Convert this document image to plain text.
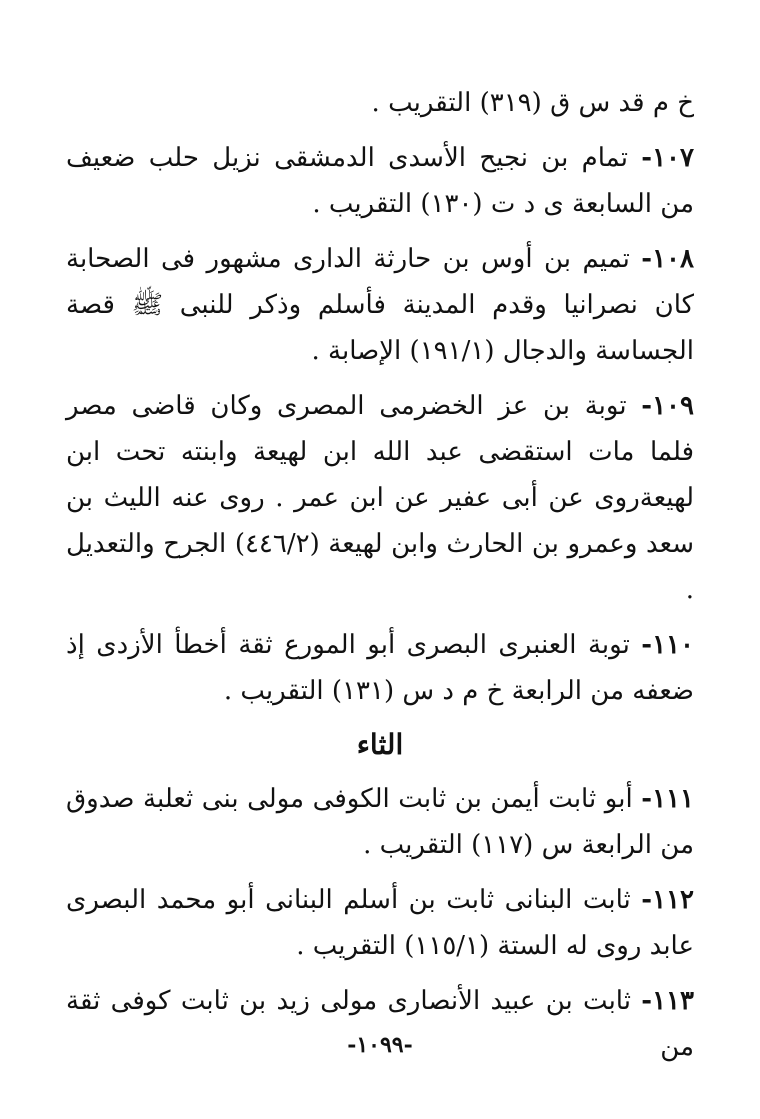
خ م قد س ق (٣١٩) التقريب .

١٠٧- تمام بن نجيح الأسدى الدمشقى نزيل حلب ضعيف من السابعة ى د ت (١٣٠) التقريب .

١٠٨- تميم بن أوس بن حارثة الدارى مشهور فى الصحابة كان نصرانيا وقدم المدينة فأسلم وذكر للنبى ﷺ قصة الجساسة والدجال (١٩١/١) الإصابة .

١٠٩- توبة بن عز الخضرمى المصرى وكان قاضى مصر فلما مات استقضى عبد الله ابن لهيعة وابنته تحت ابن لهيعةروى عن أبى عفير عن ابن عمر . روى عنه الليث بن سعد وعمرو بن الحارث وابن لهيعة (٤٤٦/٢) الجرح والتعديل .

١١٠- توبة العنبرى البصرى أبو المورع ثقة أخطأ الأزدى إذ ضعفه من الرابعة خ م د س (١٣١) التقريب .

الثاء

١١١- أبو ثابت أيمن بن ثابت الكوفى مولى بنى ثعلبة صدوق من الرابعة س (١١٧) التقريب .

١١٢- ثابت البنانى ثابت بن أسلم البنانى أبو محمد البصرى عابد روى له الستة (١١٥/١) التقريب .

١١٣- ثابت بن عبيد الأنصارى مولى زيد بن ثابت كوفى ثقة من

-١٠٩٩-
